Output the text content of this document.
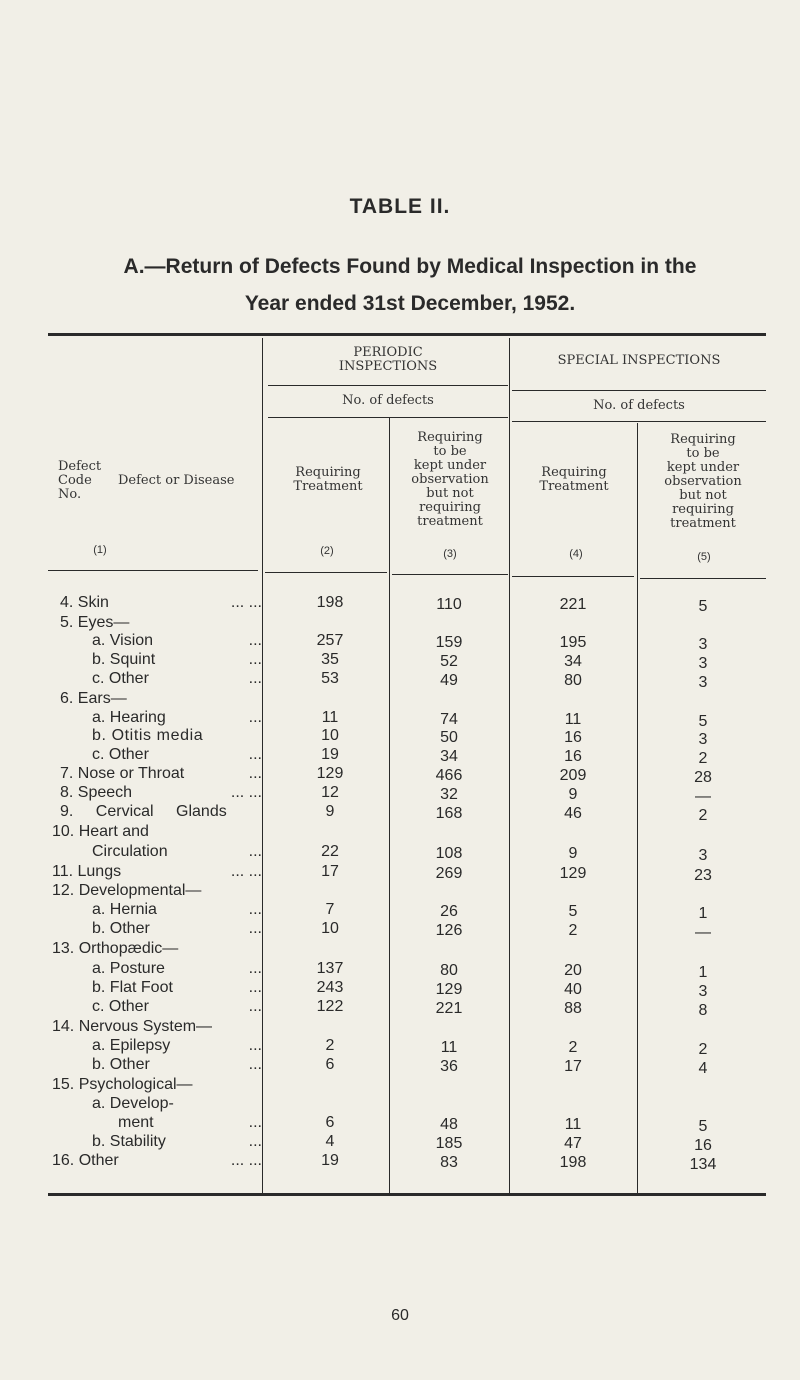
TABLE II.
A.—Return of Defects Found by Medical Inspection in the Year ended 31st December, 1952.
PERIODIC
INSPECTIONS	SPECIAL INSPECTIONS
No. of defects	No. of defects
Defect
Code
No.
Defect or Disease
Requiring
Treatment
Requiring
to be
kept under
observation
but not
requiring
treatment
Requiring
Treatment
Requiring
to be
kept under
observation
but not
requiring
treatment
(1)	(2)	(3)	(4)	(5)
4. Skin	... ...	198	110	221	5
5. Eyes—
a. Vision	...	257	159	195	3
b. Squint	...	35	52	34	3
c. Other	...	53	49	80	3
6. Ears—
a. Hearing	...	11	74	11	5
b. Otitis media	10	50	16	3
c. Other	...	19	34	16	2
7. Nose or Throat	...	129	466	209	28
8. Speech	... ...	12	32	9	—
9. Cervical Glands	9	168	46	2
10. Heart and
Circulation	...	22	108	9	3
11. Lungs	... ...	17	269	129	23
12. Developmental—
a. Hernia	...	7	26	5	1
b. Other	...	10	126	2	—
13. Orthopædic—
a. Posture	...	137	80	20	1
b. Flat Foot	...	243	129	40	3
c. Other	...	122	221	88	8
14. Nervous System—
a. Epilepsy	...	2	11	2	2
b. Other	...	6	36	17	4
15. Psychological—
a. Develop-
ment	...	6	48	11	5
b. Stability	...	4	185	47	16
16. Other	... ...	19	83	198	134
60
